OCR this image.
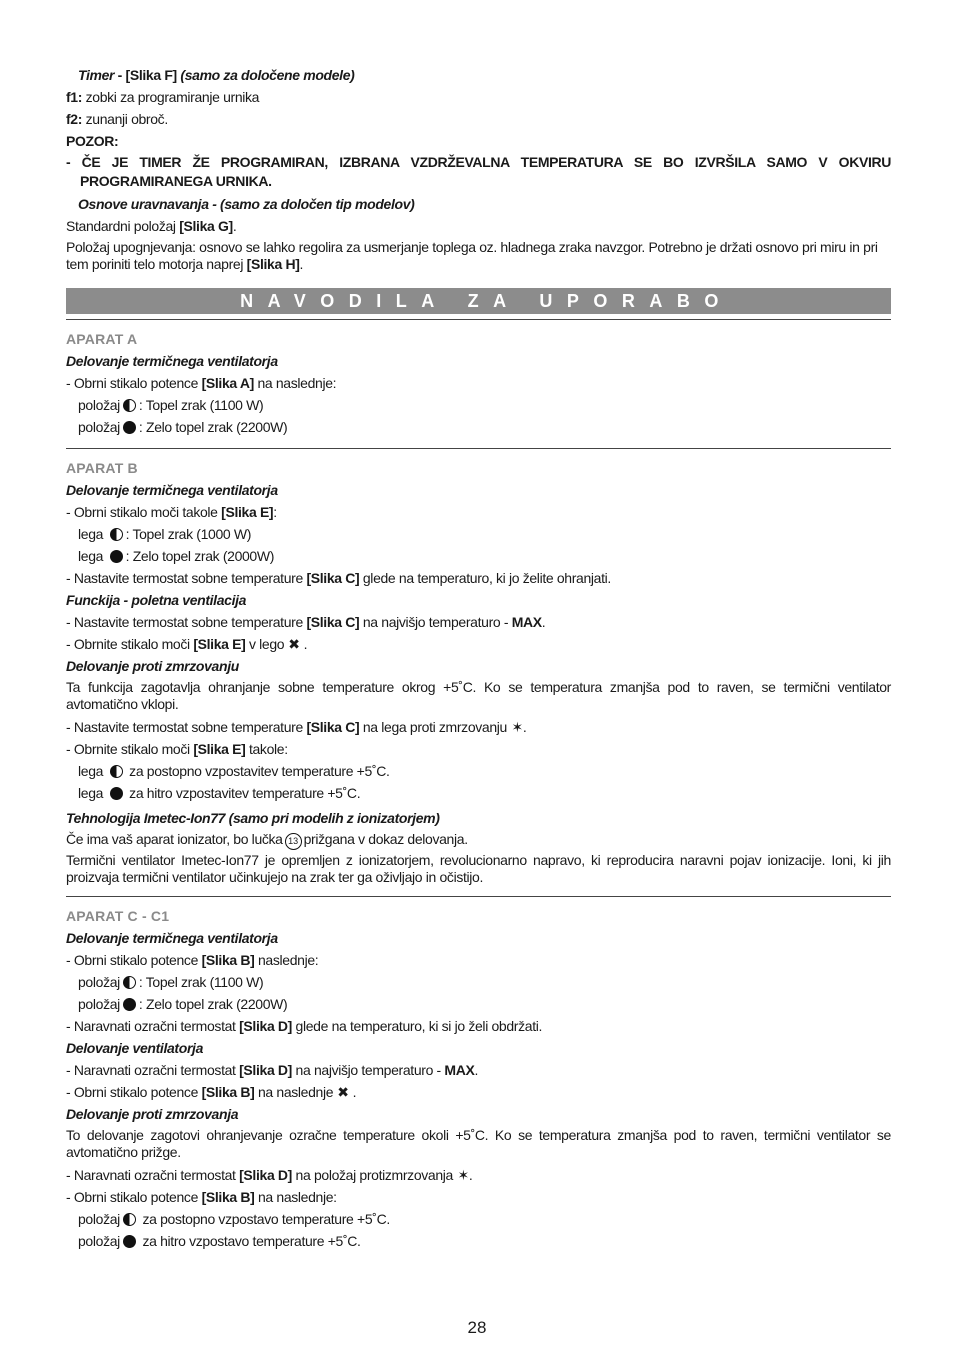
Timer - [Slika F] (samo za določene modele)
f1: zobki za programiranje urnika
f2: zunanji obroč.
POZOR:
- ČE JE TIMER ŽE PROGRAMIRAN, IZBRANA VZDRŽEVALNA TEMPERATURA SE BO IZVRŠILA SAMO V OKVIRU PROGRAMIRANEGA URNIKA.
Osnove uravnavanja - (samo za določen tip modelov)
Standardni položaj [Slika G].
Položaj upognjevanja: osnovo se lahko regolira za usmerjanje toplega oz. hladnega zraka navzgor. Potrebno je držati osnovo pri miru in pri tem poriniti telo motorja naprej [Slika H].
NAVODILA ZA UPORABO
APARAT A
Delovanje termičnega ventilatorja
- Obrni stikalo potence [Slika A] na naslednje:
položaj : Topel zrak (1100 W)
položaj : Zelo topel zrak (2200W)
APARAT B
Delovanje termičnega ventilatorja
- Obrni stikalo moči takole [Slika E]:
lega : Topel zrak (1000 W)
lega : Zelo topel zrak (2000W)
- Nastavite termostat sobne temperature [Slika C] glede na temperaturo, ki jo želite ohranjati.
Funckija - poletna ventilacija
- Nastavite termostat sobne temperature [Slika C] na najvišjo temperaturo - MAX.
- Obrnite stikalo moči [Slika E] v lego ✖ .
Delovanje proti zmrzovanju
Ta funkcija zagotavlja ohranjanje sobne temperature okrog +5˚C. Ko se temperatura zmanjša pod to raven, se termični ventilator avtomatično vklopi.
- Nastavite termostat sobne temperature [Slika C] na lega proti zmrzovanju ✶.
- Obrnite stikalo moči [Slika E] takole:
lega  za postopno vzpostavitev temperature +5˚C.
lega  za hitro vzpostavitev temperature +5˚C.
Tehnologija Imetec-Ion77 (samo pri modelih z ionizatorjem)
Če ima vaš aparat ionizator, bo lučka 13 prižgana v dokaz delovanja.
Termični ventilator Imetec-Ion77 je opremljen z ionizatorjem, revolucionarno napravo, ki reproducira naravni pojav ionizacije. Ioni, ki jih proizvaja termični ventilator učinkujejo na zrak ter ga oživljajo in očistijo.
APARAT C - C1
Delovanje termičnega ventilatorja
- Obrni stikalo potence [Slika B] naslednje:
položaj : Topel zrak (1100 W)
položaj : Zelo topel zrak (2200W)
- Naravnati ozračni termostat [Slika D] glede na temperaturo, ki si jo želi obdržati.
Delovanje ventilatorja
- Naravnati ozračni termostat [Slika D] na najvišjo temperaturo - MAX.
- Obrni stikalo potence [Slika B] na naslednje ✖ .
Delovanje proti zmrzovanja
To delovanje zagotovi ohranjevanje ozračne temperature okoli +5˚C. Ko se temperatura zmanjša pod to raven, termični ventilator se avtomatično prižge.
- Naravnati ozračni termostat [Slika D] na položaj protizmrzovanja ✶.
- Obrni stikalo potence [Slika B] na naslednje:
položaj za postopno vzpostavo temperature +5˚C.
položaj za hitro vzpostavo temperature +5˚C.
28
